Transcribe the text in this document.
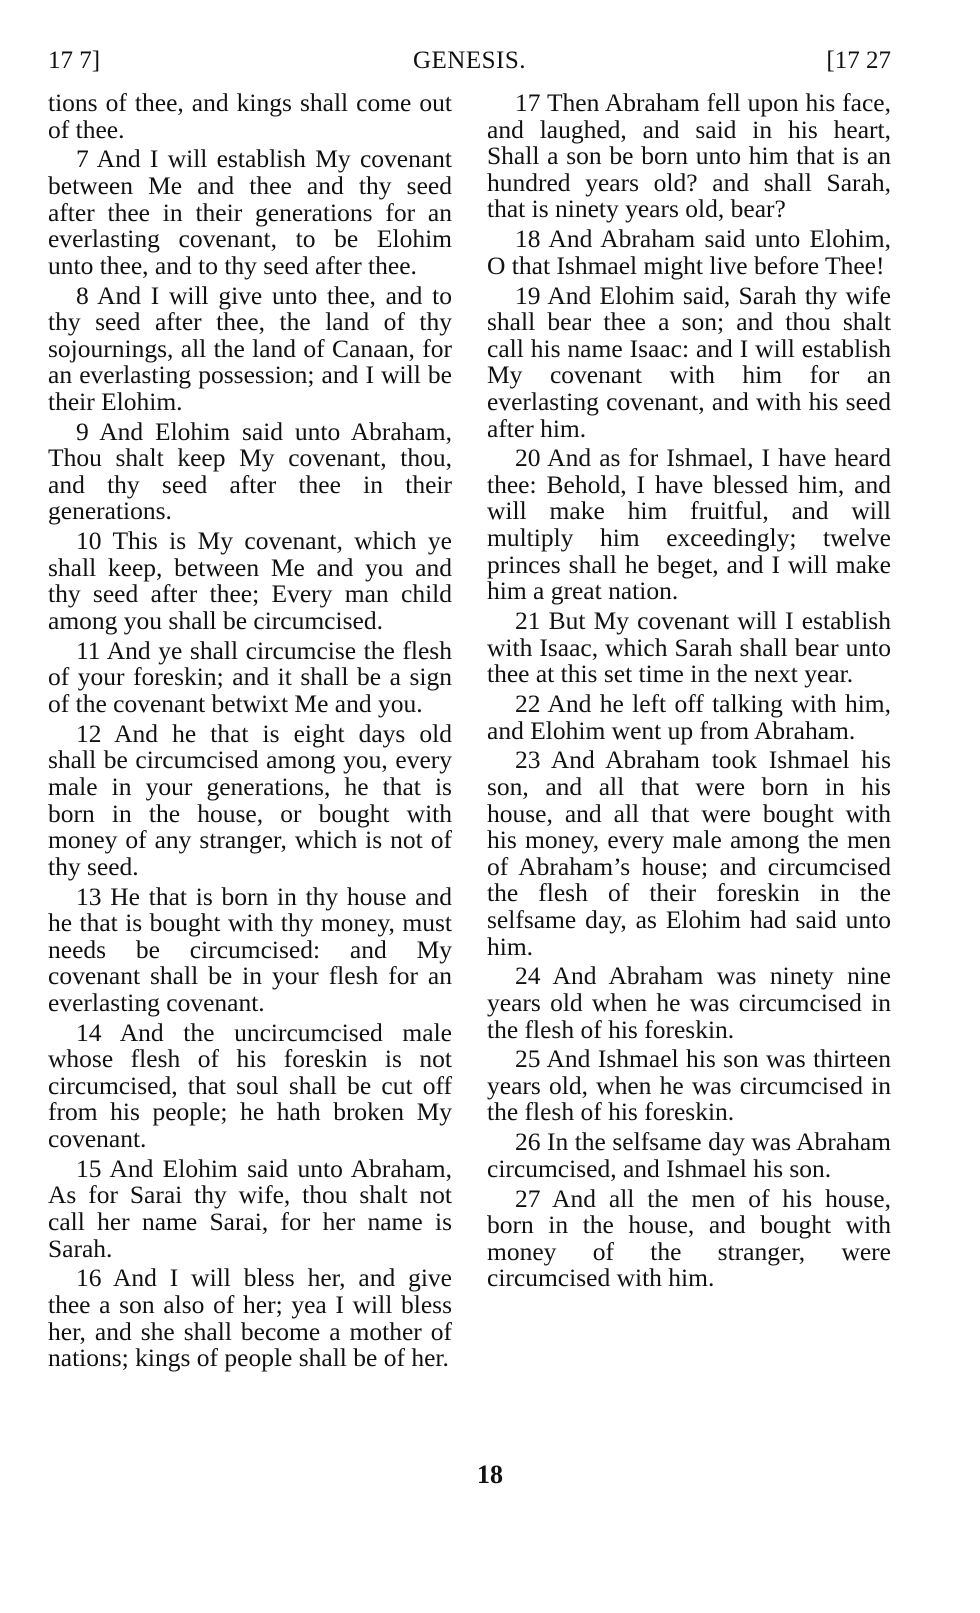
17 7]	GENESIS.	[17 27

tions of thee, and kings shall come out of thee.

7 And I will establish My covenant between Me and thee and thy seed after thee in their generations for an everlasting covenant, to be Elohim unto thee, and to thy seed after thee.

8 And I will give unto thee, and to thy seed after thee, the land of thy sojournings, all the land of Canaan, for an everlasting possession; and I will be their Elohim.

9 And Elohim said unto Abraham, Thou shalt keep My covenant, thou, and thy seed after thee in their generations.

10 This is My covenant, which ye shall keep, between Me and you and thy seed after thee; Every man child among you shall be circumcised.

11 And ye shall circumcise the flesh of your foreskin; and it shall be a sign of the covenant betwixt Me and you.

12 And he that is eight days old shall be circumcised among you, every male in your generations, he that is born in the house, or bought with money of any stranger, which is not of thy seed.

13 He that is born in thy house and he that is bought with thy money, must needs be circumcised: and My covenant shall be in your flesh for an everlasting covenant.

14 And the uncircumcised male whose flesh of his foreskin is not circumcised, that soul shall be cut off from his people; he hath broken My covenant.

15 And Elohim said unto Abraham, As for Sarai thy wife, thou shalt not call her name Sarai, for her name is Sarah.

16 And I will bless her, and give thee a son also of her; yea I will bless her, and she shall become a mother of nations; kings of people shall be of her.

17 Then Abraham fell upon his face, and laughed, and said in his heart, Shall a son be born unto him that is an hundred years old? and shall Sarah, that is ninety years old, bear?

18 And Abraham said unto Elohim, O that Ishmael might live before Thee!

19 And Elohim said, Sarah thy wife shall bear thee a son; and thou shalt call his name Isaac: and I will establish My covenant with him for an everlasting covenant, and with his seed after him.

20 And as for Ishmael, I have heard thee: Behold, I have blessed him, and will make him fruitful, and will multiply him exceedingly; twelve princes shall he beget, and I will make him a great nation.

21 But My covenant will I establish with Isaac, which Sarah shall bear unto thee at this set time in the next year.

22 And he left off talking with him, and Elohim went up from Abraham.

23 And Abraham took Ishmael his son, and all that were born in his house, and all that were bought with his money, every male among the men of Abraham’s house; and circumcised the flesh of their foreskin in the selfsame day, as Elohim had said unto him.

24 And Abraham was ninety nine years old when he was circumcised in the flesh of his foreskin.

25 And Ishmael his son was thirteen years old, when he was circumcised in the flesh of his foreskin.

26 In the selfsame day was Abraham circumcised, and Ishmael his son.

27 And all the men of his house, born in the house, and bought with money of the stranger, were circumcised with him.

18
